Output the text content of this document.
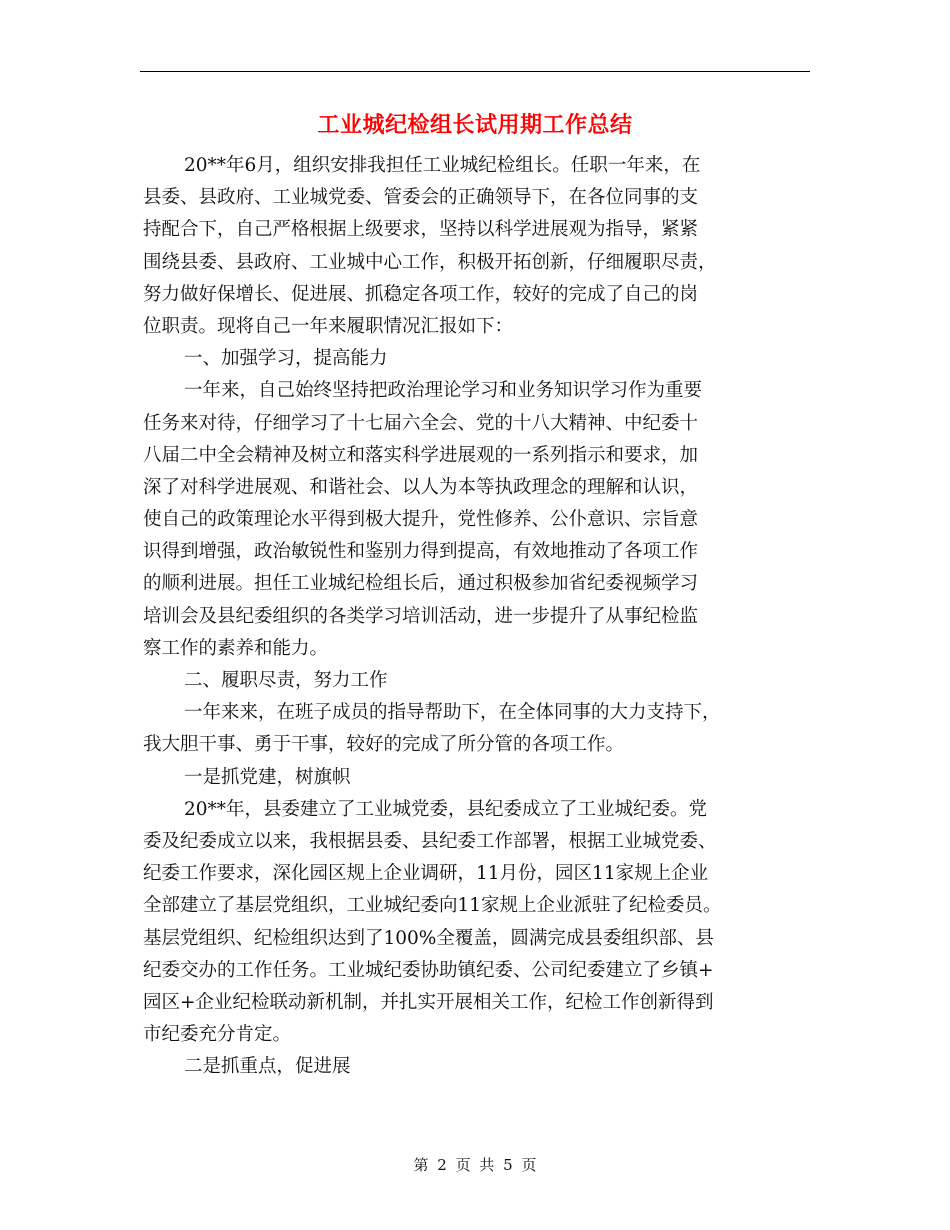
工业城纪检组长试用期工作总结
20**年6月，组织安排我担任工业城纪检组长。任职一年来，在
县委、县政府、工业城党委、管委会的正确领导下，在各位同事的支
持配合下，自己严格根据上级要求，坚持以科学进展观为指导，紧紧
围绕县委、县政府、工业城中心工作，积极开拓创新，仔细履职尽责，
努力做好保增长、促进展、抓稳定各项工作，较好的完成了自己的岗
位职责。现将自己一年来履职情况汇报如下：
一、加强学习，提高能力
一年来，自己始终坚持把政治理论学习和业务知识学习作为重要
任务来对待，仔细学习了十七届六全会、党的十八大精神、中纪委十
八届二中全会精神及树立和落实科学进展观的一系列指示和要求，加
深了对科学进展观、和谐社会、以人为本等执政理念的理解和认识，
使自己的政策理论水平得到极大提升，党性修养、公仆意识、宗旨意
识得到增强，政治敏锐性和鉴别力得到提高，有效地推动了各项工作
的顺利进展。担任工业城纪检组长后，通过积极参加省纪委视频学习
培训会及县纪委组织的各类学习培训活动，进一步提升了从事纪检监
察工作的素养和能力。
二、履职尽责，努力工作
一年来来，在班子成员的指导帮助下，在全体同事的大力支持下，
我大胆干事、勇于干事，较好的完成了所分管的各项工作。
一是抓党建，树旗帜
20**年，县委建立了工业城党委，县纪委成立了工业城纪委。党
委及纪委成立以来，我根据县委、县纪委工作部署，根据工业城党委、
纪委工作要求，深化园区规上企业调研，11月份，园区11家规上企业
全部建立了基层党组织，工业城纪委向11家规上企业派驻了纪检委员。
基层党组织、纪检组织达到了100%全覆盖，圆满完成县委组织部、县
纪委交办的工作任务。工业城纪委协助镇纪委、公司纪委建立了乡镇+
园区+企业纪检联动新机制，并扎实开展相关工作，纪检工作创新得到
市纪委充分肯定。
二是抓重点，促进展
第 2 页 共 5 页
